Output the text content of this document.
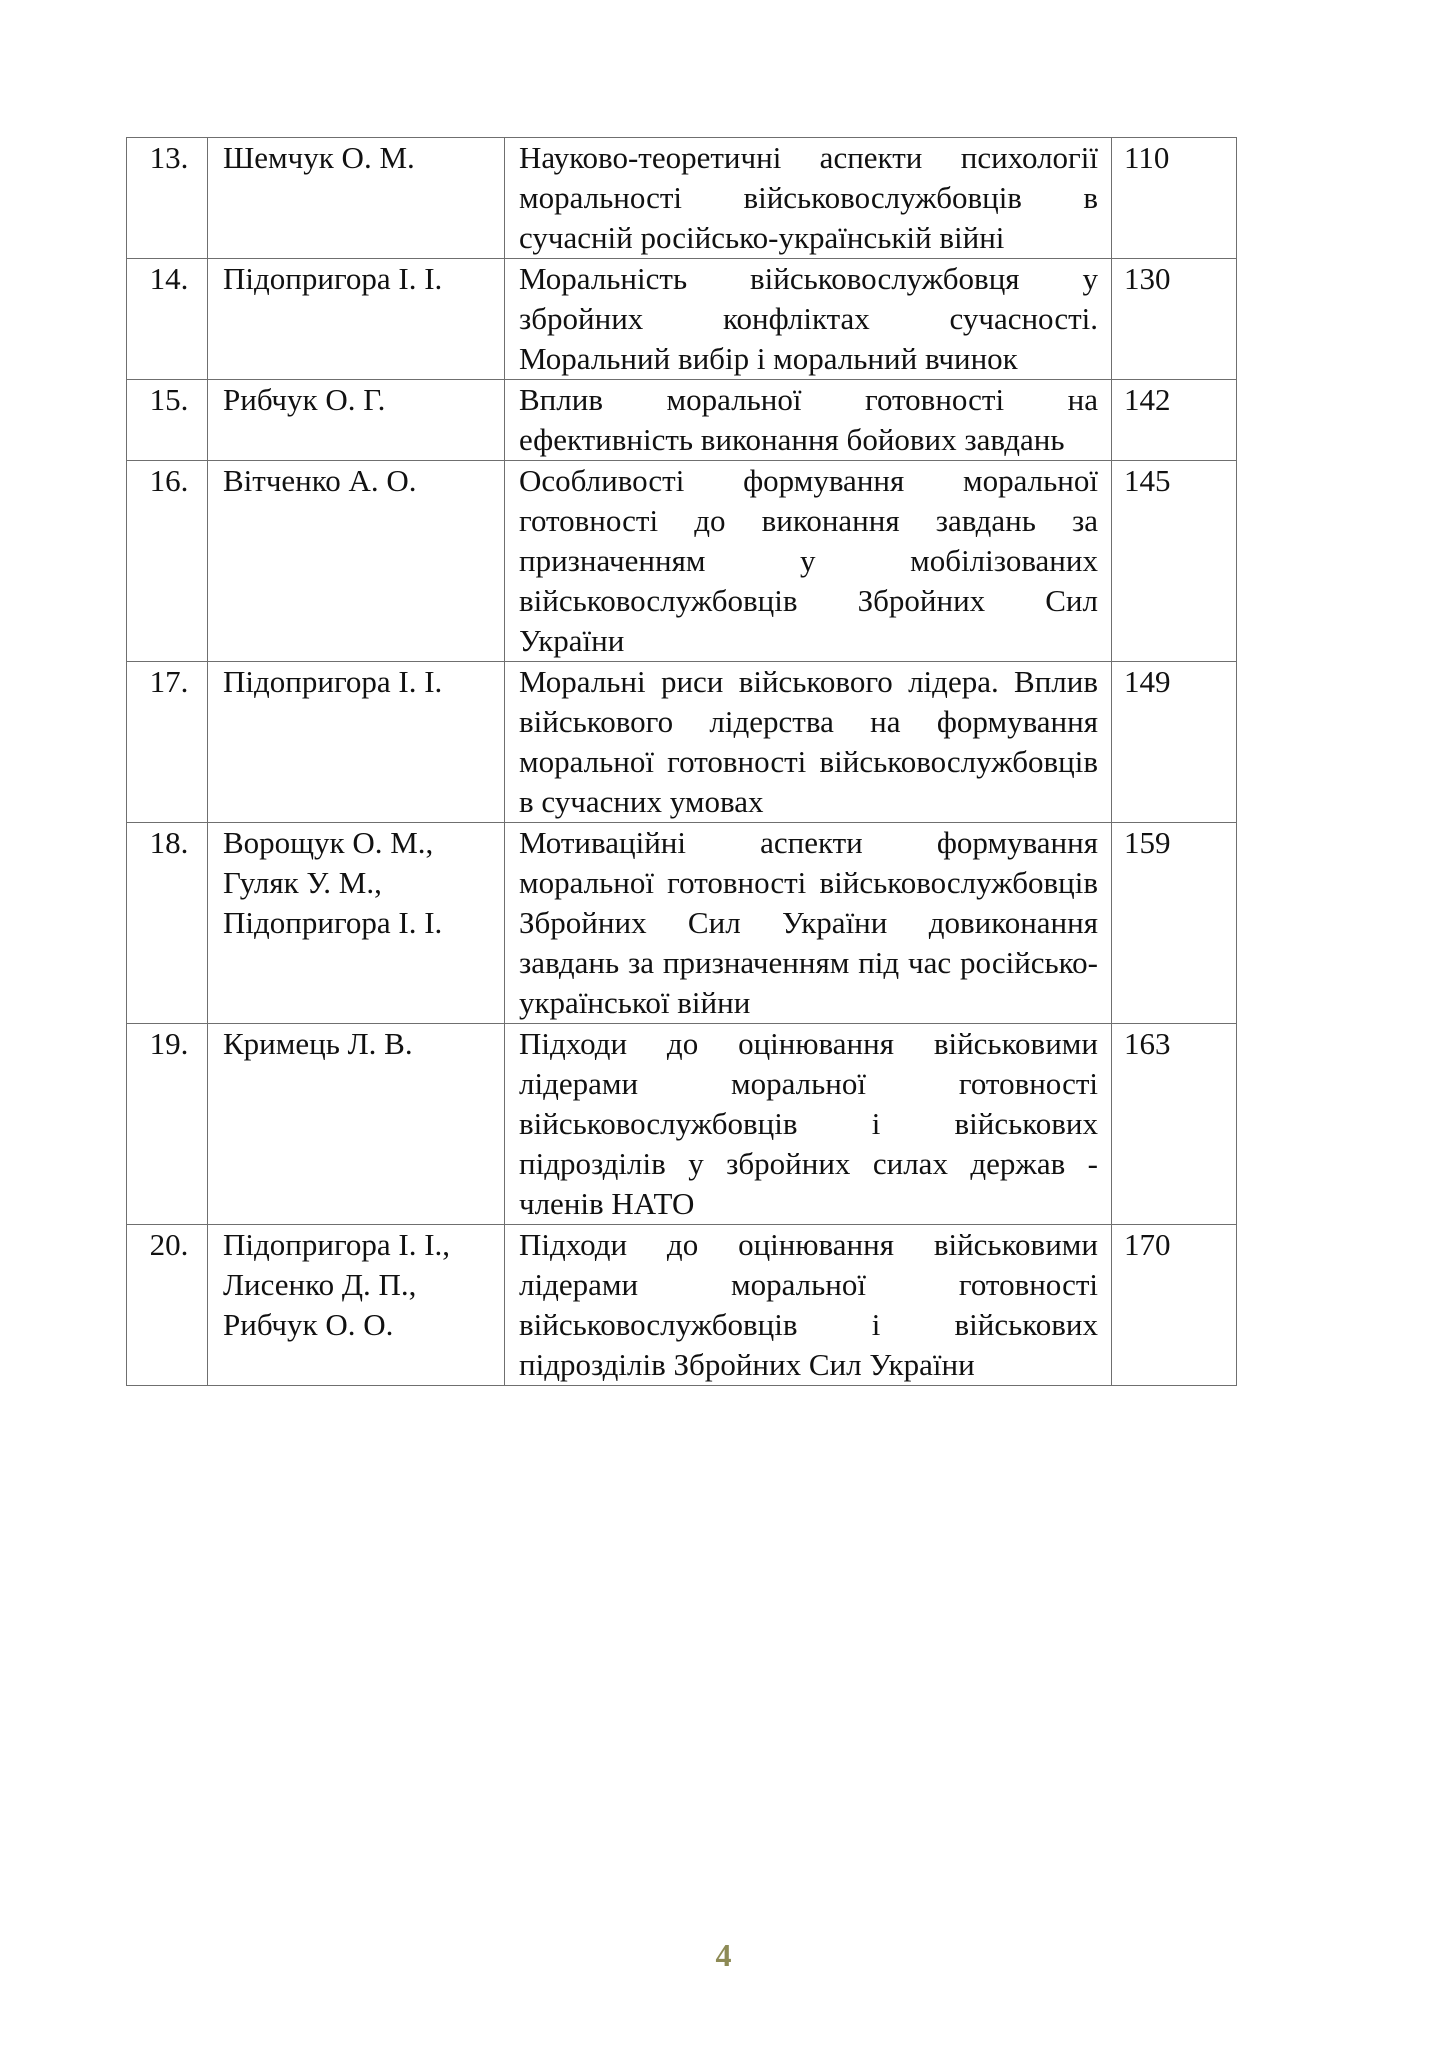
13.	Шемчук О. М.	Науково-теоретичні аспекти психології моральності військовослужбовців в сучасній російсько-українській війні	110

14.	Підопригора І. І.	Моральність військовослужбовця у збройних конфліктах сучасності. Моральний вибір і моральний вчинок	130

15.	Рибчук О. Г.	Вплив моральної готовності на ефективність виконання бойових завдань	142

16.	Вітченко А. О.	Особливості формування моральної готовності до виконання завдань за призначенням у мобілізованих військовослужбовців Збройних Сил України	145

17.	Підопригора І. І.	Моральні риси військового лідера. Вплив військового лідерства на формування моральної готовності військовослужбовців в сучасних умовах	149

18.	Ворощук О. М.,
Гуляк У. М.,
Підопригора І. І.	Мотиваційні аспекти формування моральної готовності військовослужбовців Збройних Сил України довиконання завдань за призначенням під час російсько-української війни	159

19.	Кримець Л. В.	Підходи до оцінювання військовими лідерами моральної готовності військовослужбовців і військових підрозділів у збройних силах держав - членів НАТО	163

20.	Підопригора І. І.,
Лисенко Д. П.,
Рибчук О. О.	Підходи до оцінювання військовими лідерами моральної готовності військовослужбовців і військових підрозділів Збройних Сил України	170
4
